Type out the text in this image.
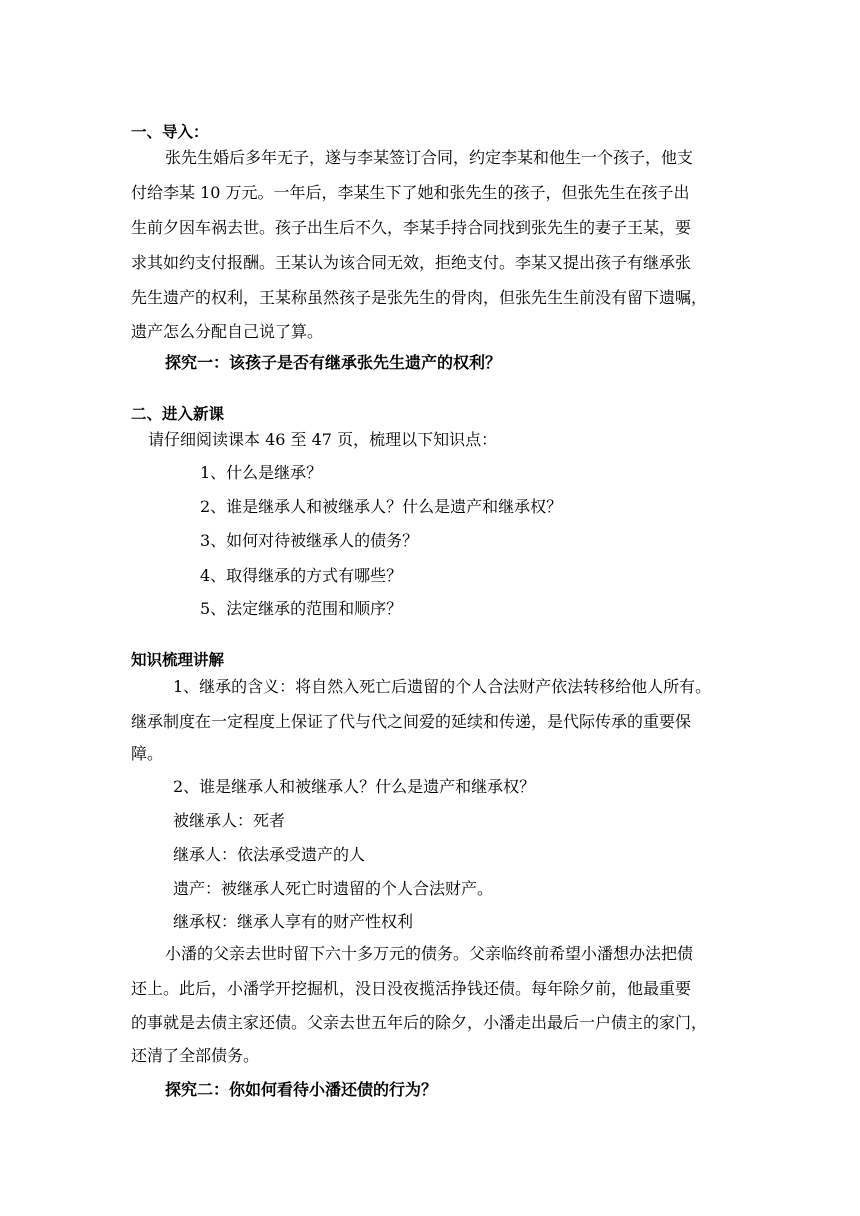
一、导入：
张先生婚后多年无子，遂与李某签订合同，约定李某和他生一个孩子，他支
付给李某 10 万元。一年后，李某生下了她和张先生的孩子，但张先生在孩子出
生前夕因车祸去世。孩子出生后不久，李某手持合同找到张先生的妻子王某，要
求其如约支付报酬。王某认为该合同无效，拒绝支付。李某又提出孩子有继承张
先生遗产的权利，王某称虽然孩子是张先生的骨肉，但张先生生前没有留下遗嘱，
遗产怎么分配自己说了算。
探究一：该孩子是否有继承张先生遗产的权利？
二、进入新课
请仔细阅读课本 46 至 47 页，梳理以下知识点：
1、什么是继承？
2、谁是继承人和被继承人？什么是遗产和继承权？
3、如何对待被继承人的债务？
4、取得继承的方式有哪些？
5、法定继承的范围和顺序？
知识梳理讲解
1、继承的含义：将自然入死亡后遗留的个人合法财产依法转移给他人所有。
继承制度在一定程度上保证了代与代之间爱的延续和传递，是代际传承的重要保
障。
2、谁是继承人和被继承人？什么是遗产和继承权？
被继承人：死者
继承人：依法承受遗产的人
遗产：被继承人死亡时遗留的个人合法财产。
继承权：继承人享有的财产性权利
小潘的父亲去世时留下六十多万元的债务。父亲临终前希望小潘想办法把债
还上。此后，小潘学开挖掘机，没日没夜揽活挣钱还债。每年除夕前，他最重要
的事就是去债主家还债。父亲去世五年后的除夕，小潘走出最后一户债主的家门，
还清了全部债务。
探究二：你如何看待小潘还债的行为？
